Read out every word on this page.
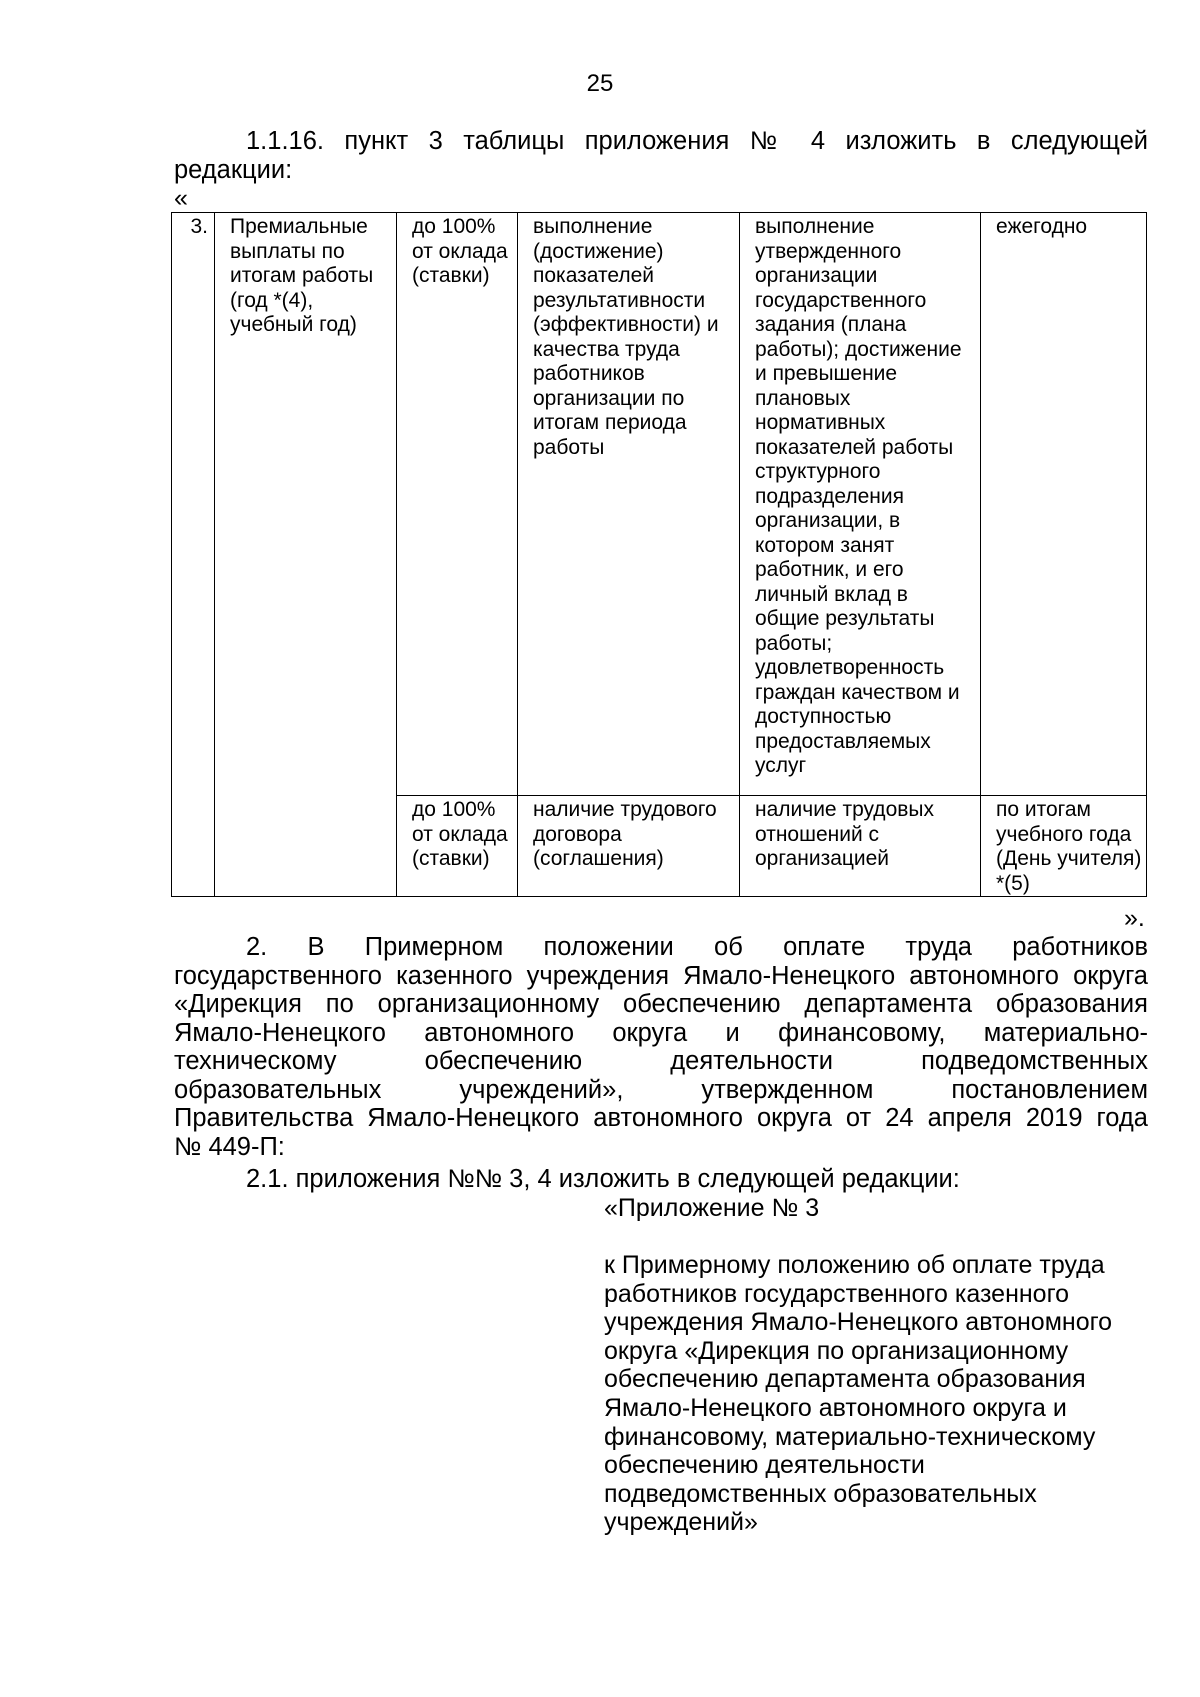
25

1.1.16. пункт 3 таблицы приложения № 4 изложить в следующей
редакции:

«
3.	Премиальные выплаты по итогам работы (год *(4), учебный год)	до 100% от оклада (ставки)	выполнение (достижение) показателей результативности (эффективности) и качества труда работников организации по итогам периода работы	выполнение утвержденного организации государственного задания (плана работы); достижение и превышение плановых нормативных показателей работы структурного подразделения организации, в котором занят работник, и его личный вклад в общие результаты работы; удовлетворенность граждан качеством и доступностью предоставляемых услуг	ежегодно
		до 100% от оклада (ставки)	наличие трудового договора (соглашения)	наличие трудовых отношений с организацией	по итогам учебного года (День учителя) *(5)
».

2. В Примерном положении об оплате труда работников
государственного казенного учреждения Ямало-Ненецкого автономного округа
«Дирекция по организационному обеспечению департамента образования
Ямало-Ненецкого автономного округа и финансовому, материально-
техническому обеспечению деятельности подведомственных
образовательных учреждений», утвержденном постановлением
Правительства Ямало-Ненецкого автономного округа от 24 апреля 2019 года
№ 449-П:

2.1. приложения №№ 3, 4 изложить в следующей редакции:

«Приложение № 3

к Примерному положению об оплате труда
работников государственного казенного
учреждения Ямало-Ненецкого автономного
округа «Дирекция по организационному
обеспечению департамента образования
Ямало-Ненецкого автономного округа и
финансовому, материально-техническому
обеспечению деятельности
подведомственных образовательных
учреждений»
